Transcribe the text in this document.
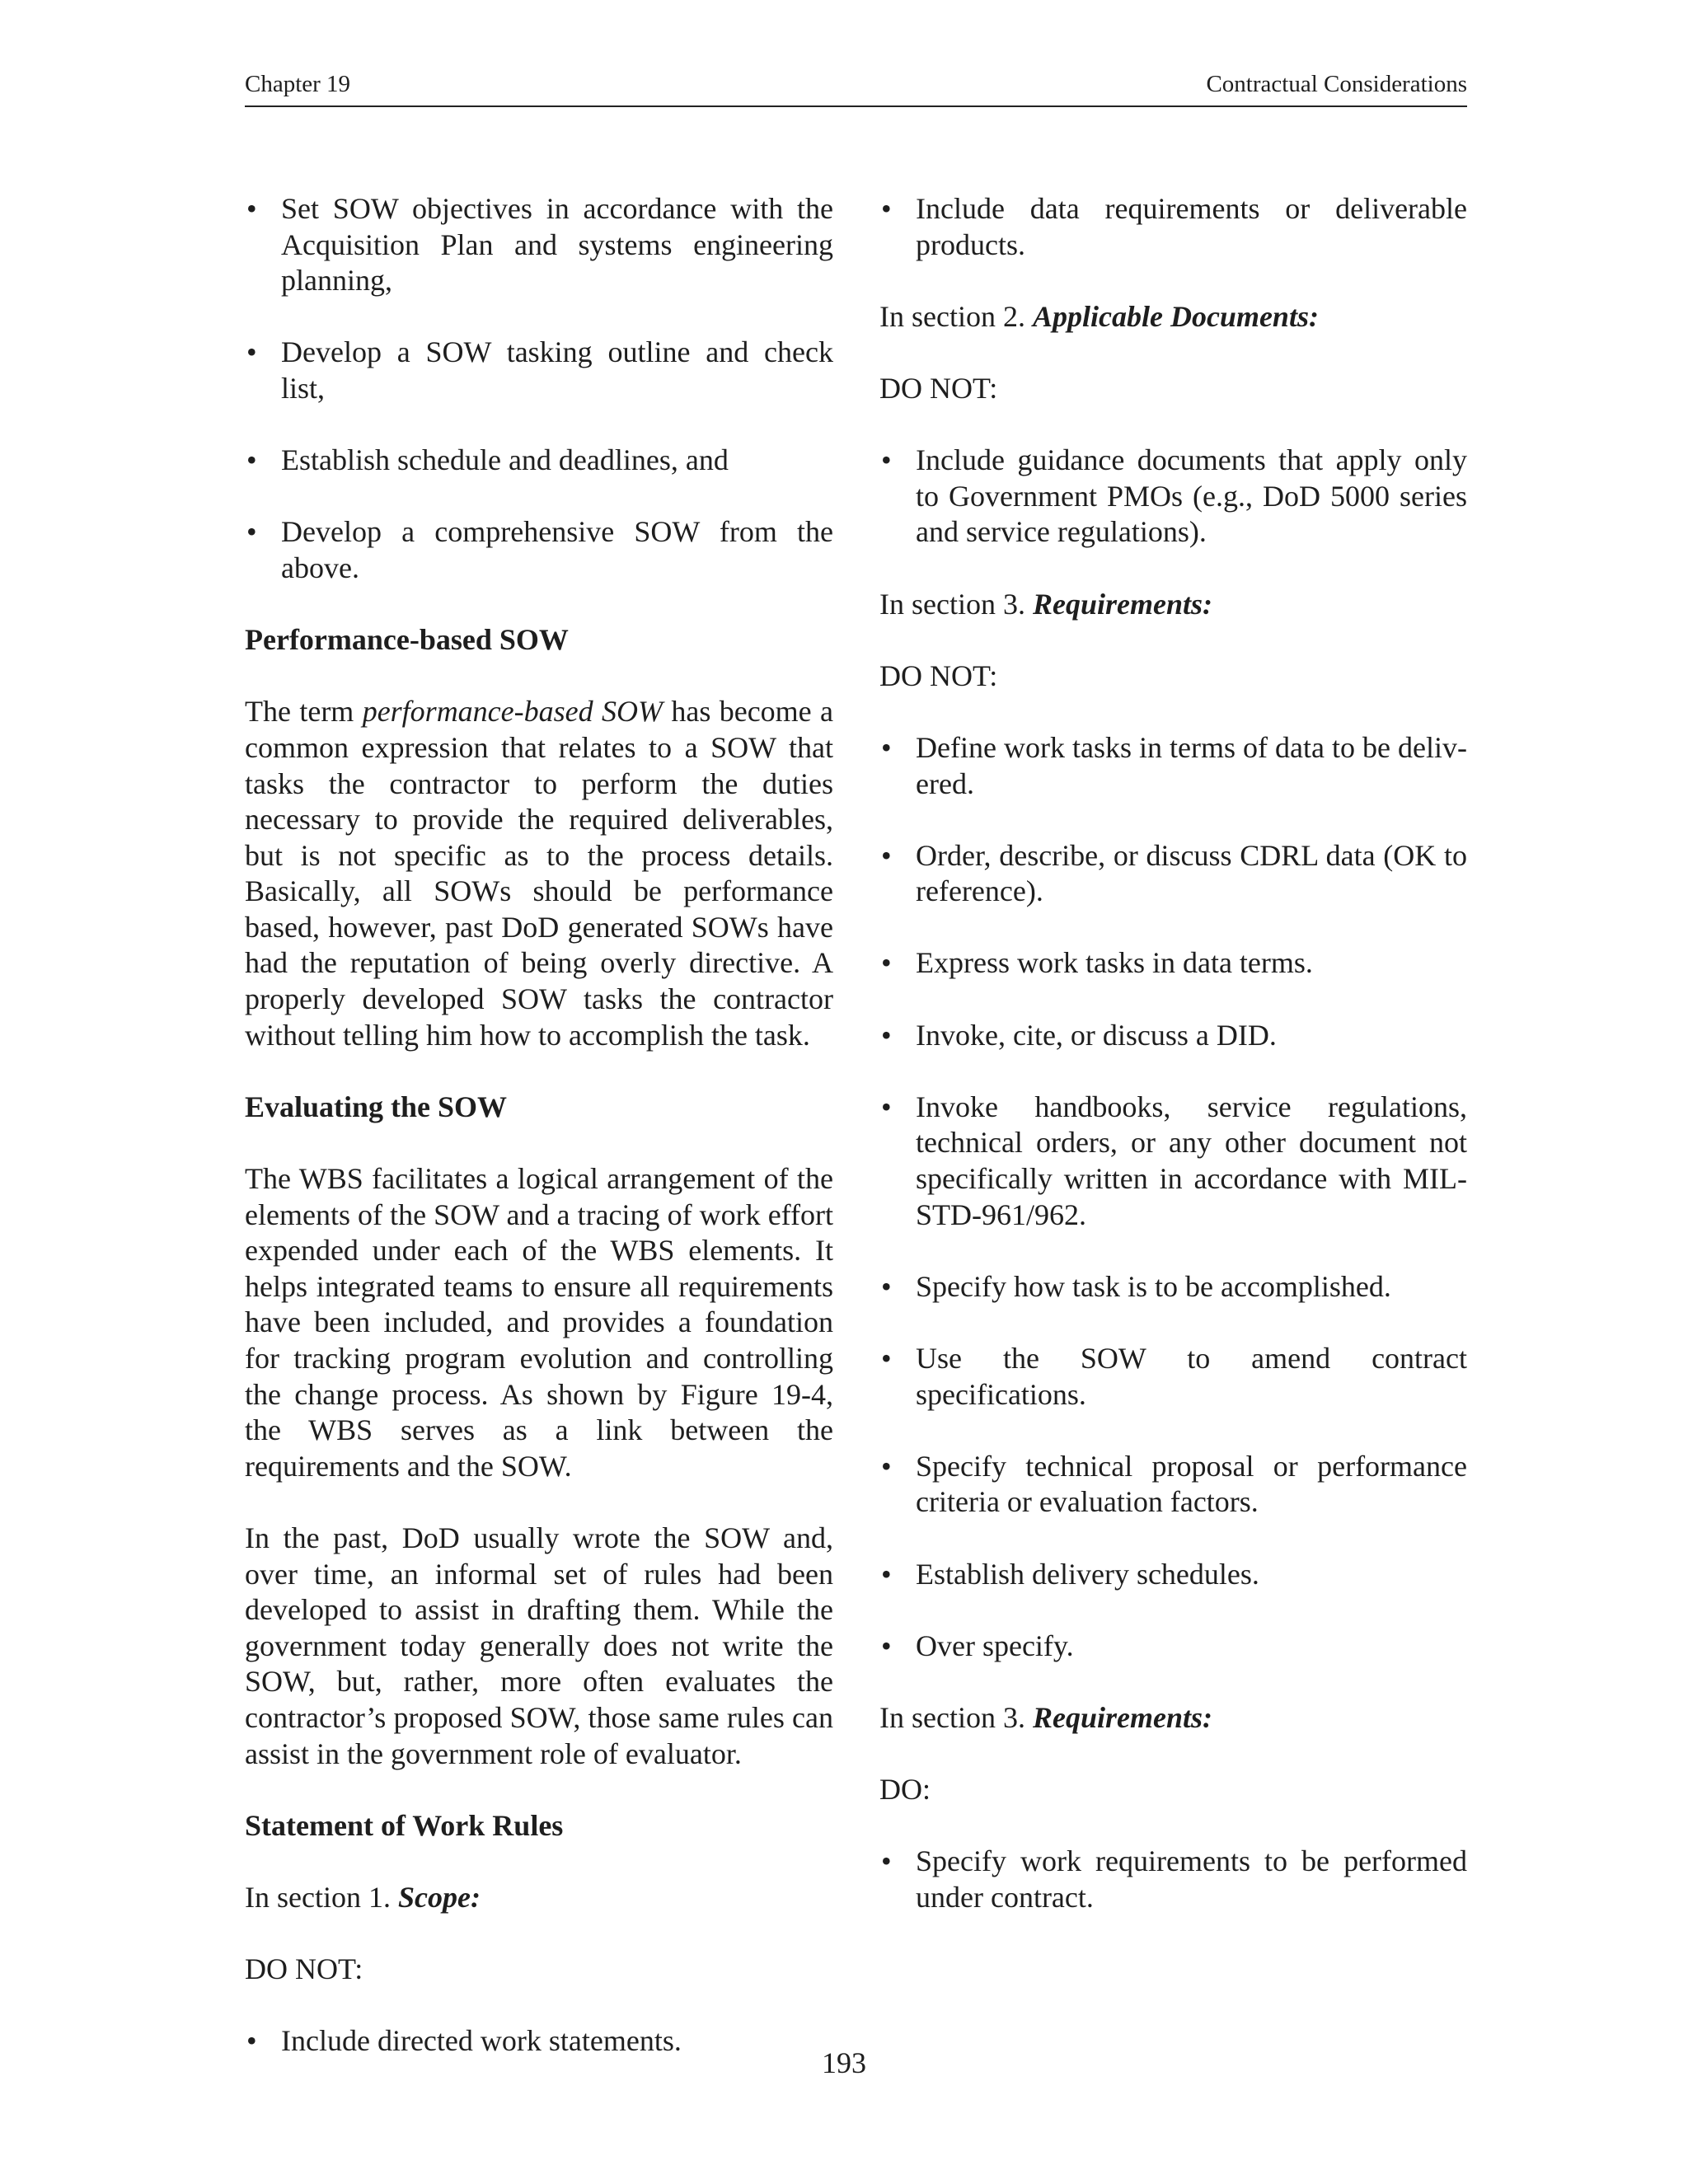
Chapter 19	Contractual Considerations
• Set SOW objectives in accordance with the Acquisition Plan and systems engineering planning,
• Develop a SOW tasking outline and check list,
• Establish schedule and deadlines, and
• Develop a comprehensive SOW from the above.

Performance-based SOW

The term performance-based SOW has become a common expression that relates to a SOW that tasks the contractor to perform the duties necessary to provide the required deliverables, but is not specific as to the process details. Basically, all SOWs should be performance based, however, past DoD generated SOWs have had the reputation of being overly directive. A properly developed SOW tasks the contractor without telling him how to accomplish the task.

Evaluating the SOW

The WBS facilitates a logical arrangement of the elements of the SOW and a tracing of work effort expended under each of the WBS elements. It helps integrated teams to ensure all requirements have been included, and provides a foundation for tracking program evolution and controlling the change process. As shown by Figure 19-4, the WBS serves as a link between the requirements and the SOW.

In the past, DoD usually wrote the SOW and, over time, an informal set of rules had been developed to assist in drafting them. While the government today generally does not write the SOW, but, rather, more often evaluates the contractor’s proposed SOW, those same rules can assist in the government role of evaluator.

Statement of Work Rules

In section 1. Scope:

DO NOT:

• Include directed work statements.
• Include data requirements or deliverable products.

In section 2. Applicable Documents:

DO NOT:

• Include guidance documents that apply only to Government PMOs (e.g., DoD 5000 series and service regulations).

In section 3. Requirements:

DO NOT:

• Define work tasks in terms of data to be delivered.
• Order, describe, or discuss CDRL data (OK to reference).
• Express work tasks in data terms.
• Invoke, cite, or discuss a DID.
• Invoke handbooks, service regulations, technical orders, or any other document not specifically written in accordance with MIL-STD-961/962.
• Specify how task is to be accomplished.
• Use the SOW to amend contract specifications.
• Specify technical proposal or performance criteria or evaluation factors.
• Establish delivery schedules.
• Over specify.

In section 3. Requirements:

DO:

• Specify work requirements to be performed under contract.
193
